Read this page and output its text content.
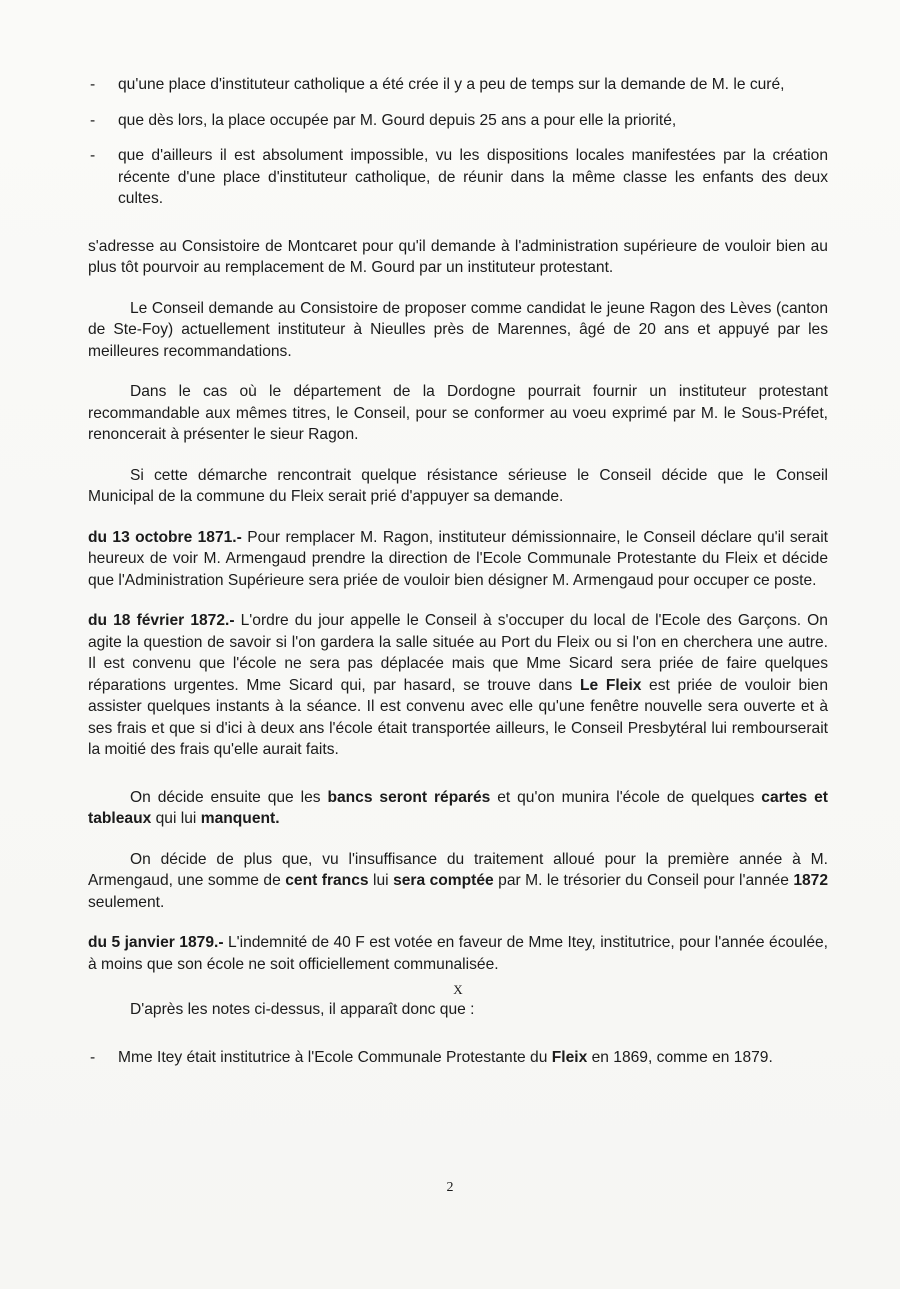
-	qu'une place d'instituteur catholique a été crée il y a peu de temps sur la demande de M. le curé,
-	que dès lors, la place occupée par M. Gourd depuis 25 ans a pour elle la priorité,
-	que d'ailleurs il est absolument impossible, vu les dispositions locales manifestées par la création récente d'une place d'instituteur catholique, de réunir dans la même classe les enfants des deux cultes.

s'adresse au Consistoire de Montcaret pour qu'il demande à l'administration supérieure de vouloir bien au plus tôt pourvoir au remplacement de M. Gourd par un instituteur protestant.

Le Conseil demande au Consistoire de proposer comme candidat le jeune Ragon des Lèves (canton de Ste-Foy) actuellement instituteur à Nieulles près de Marennes, âgé de 20 ans et appuyé par les meilleures recommandations.

Dans le cas où le département de la Dordogne pourrait fournir un instituteur protestant recommandable aux mêmes titres, le Conseil, pour se conformer au voeu exprimé par M. le Sous-Préfet, renoncerait à présenter le sieur Ragon.

Si cette démarche rencontrait quelque résistance sérieuse le Conseil décide que le Conseil Municipal de la commune du Fleix serait prié d'appuyer sa demande.

du 13 octobre 1871.- Pour remplacer M. Ragon, instituteur démissionnaire, le Conseil déclare qu'il serait heureux de voir M. Armengaud prendre la direction de l'Ecole Communale Protestante du Fleix et décide que l'Administration Supérieure sera priée de vouloir bien désigner M. Armengaud pour occuper ce poste.

du 18 février 1872.- L'ordre du jour appelle le Conseil à s'occuper du local de l'Ecole des Garçons. On agite la question de savoir si l'on gardera la salle située au Port du Fleix ou si l'on en cherchera une autre. Il est convenu que l'école ne sera pas déplacée mais que Mme Sicard sera priée de faire quelques réparations urgentes. Mme Sicard qui, par hasard, se trouve dans Le Fleix est priée de vouloir bien assister quelques instants à la séance. Il est convenu avec elle qu'une fenêtre nouvelle sera ouverte et à ses frais et que si d'ici à deux ans l'école était transportée ailleurs, le Conseil Presbytéral lui rembourserait la moitié des frais qu'elle aurait faits.

On décide ensuite que les bancs seront réparés et qu'on munira l'école de quelques cartes et tableaux qui lui manquent.

On décide de plus que, vu l'insuffisance du traitement alloué pour la première année à M. Armengaud, une somme de cent francs lui sera comptée par M. le trésorier du Conseil pour l'année 1872 seulement.

du 5 janvier 1879.- L'indemnité de 40 F est votée en faveur de Mme Itey, institutrice, pour l'année écoulée, à moins que son école ne soit officiellement communalisée.

X

D'après les notes ci-dessus, il apparaît donc que :

-	Mme Itey était institutrice à l'Ecole Communale Protestante du Fleix en 1869, comme en 1879.
2
